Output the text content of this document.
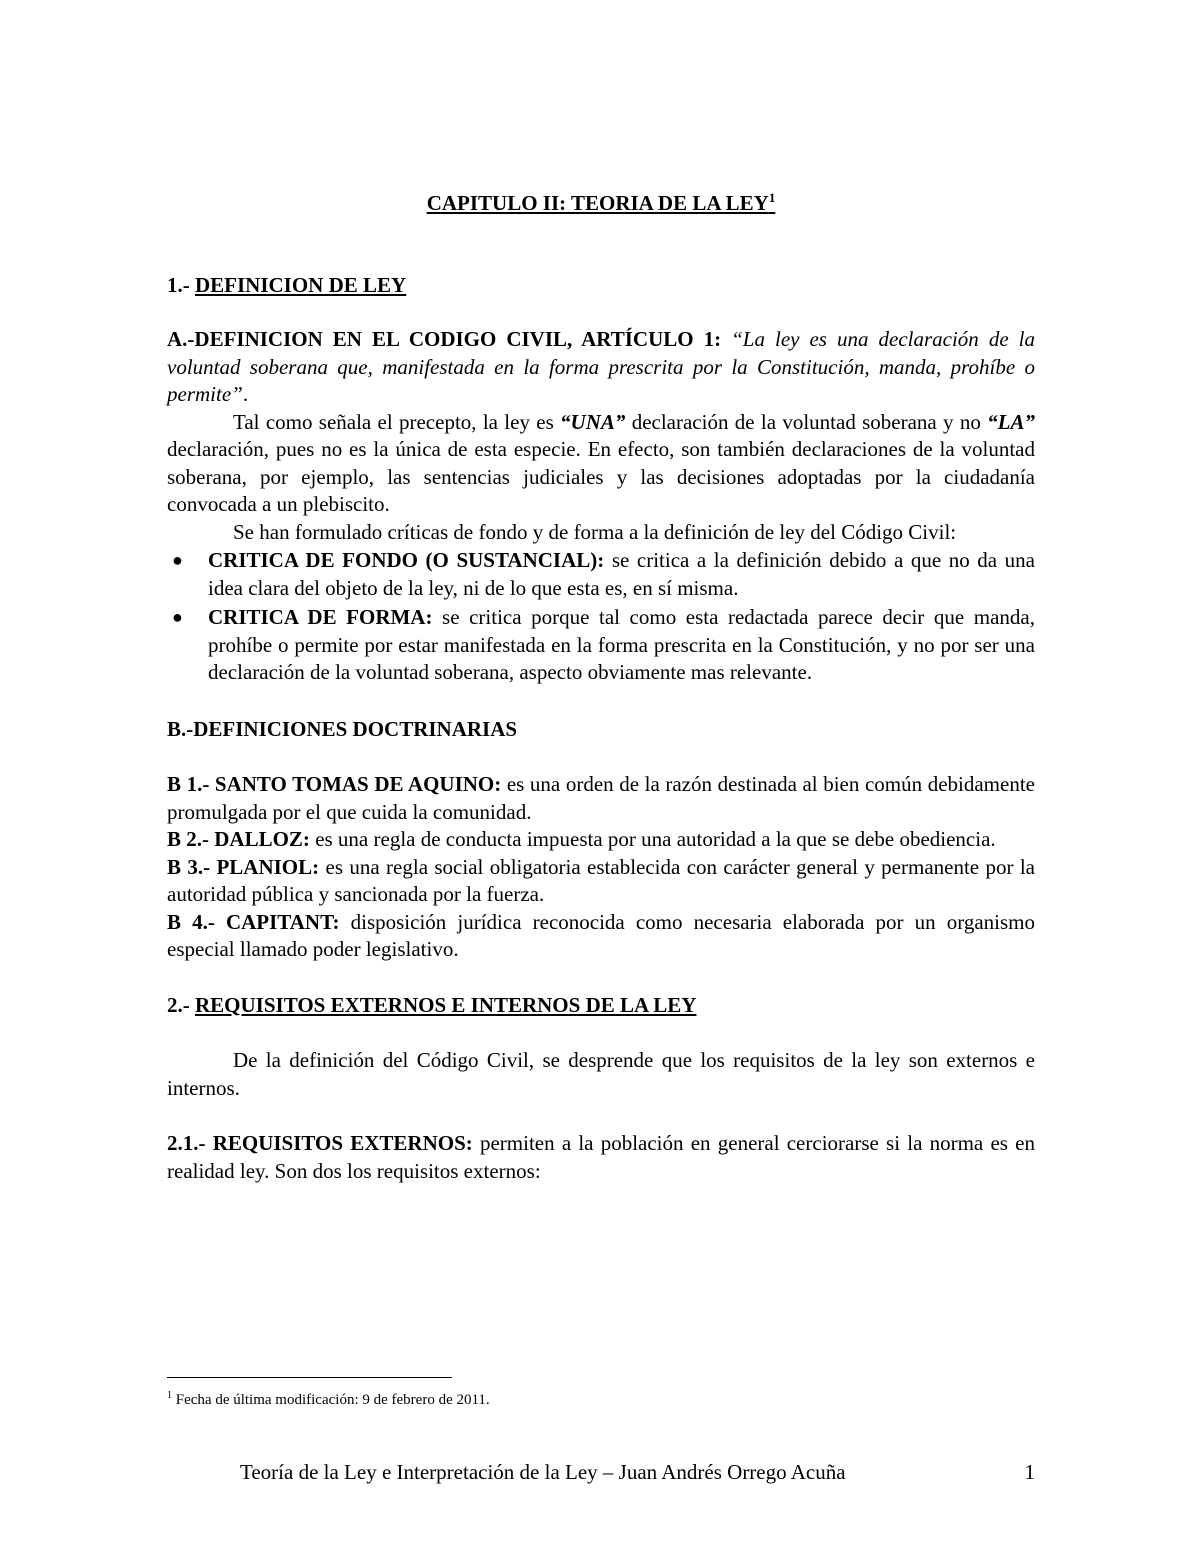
CAPITULO II: TEORIA DE LA LEY$^1$

1.- DEFINICION DE LEY

A.-DEFINICION EN EL CODIGO CIVIL, ARTÍCULO 1: “La ley es una declaración de la voluntad soberana que, manifestada en la forma prescrita por la Constitución, manda, prohíbe o permite”.

Tal como señala el precepto, la ley es “UNA” declaración de la voluntad soberana y no “LA” declaración, pues no es la única de esta especie. En efecto, son también declaraciones de la voluntad soberana, por ejemplo, las sentencias judiciales y las decisiones adoptadas por la ciudadanía convocada a un plebiscito.

Se han formulado críticas de fondo y de forma a la definición de ley del Código Civil:

● CRITICA DE FONDO (O SUSTANCIAL): se critica a la definición debido a que no da una idea clara del objeto de la ley, ni de lo que esta es, en sí misma.
● CRITICA DE FORMA: se critica porque tal como esta redactada parece decir que manda, prohíbe o permite por estar manifestada en la forma prescrita en la Constitución, y no por ser una declaración de la voluntad soberana, aspecto obviamente mas relevante.

B.-DEFINICIONES DOCTRINARIAS

B 1.- SANTO TOMAS DE AQUINO: es una orden de la razón destinada al bien común debidamente promulgada por el que cuida la comunidad.

B 2.- DALLOZ: es una regla de conducta impuesta por una autoridad a la que se debe obediencia.

B 3.- PLANIOL: es una regla social obligatoria establecida con carácter general y permanente por la autoridad pública y sancionada por la fuerza.

B 4.- CAPITANT: disposición jurídica reconocida como necesaria elaborada por un organismo especial llamado poder legislativo.

2.- REQUISITOS EXTERNOS E INTERNOS DE LA LEY

De la definición del Código Civil, se desprende que los requisitos de la ley son externos e internos.

2.1.- REQUISITOS EXTERNOS: permiten a la población en general cerciorarse si la norma es en realidad ley. Son dos los requisitos externos:

$^1$ Fecha de última modificación: 9 de febrero de 2011.
Teoría de la Ley e Interpretación de la Ley – Juan Andrés Orrego Acuña	1
